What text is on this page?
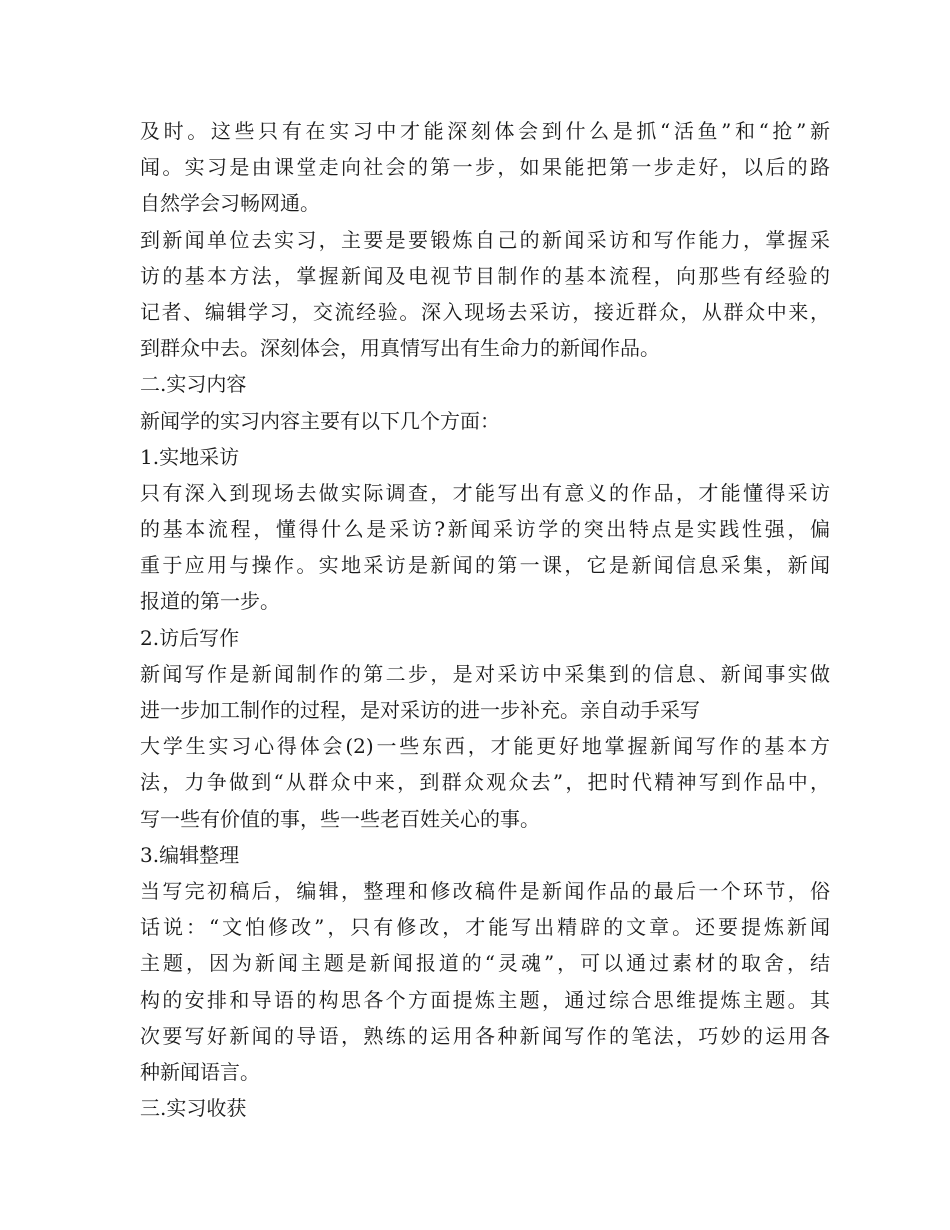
及时。这些只有在实习中才能深刻体会到什么是抓“活鱼”和“抢”新
闻。实习是由课堂走向社会的第一步，如果能把第一步走好，以后的路
自然学会习畅网通。
到新闻单位去实习，主要是要锻炼自己的新闻采访和写作能力，掌握采
访的基本方法，掌握新闻及电视节目制作的基本流程，向那些有经验的
记者、编辑学习，交流经验。深入现场去采访，接近群众，从群众中来，
到群众中去。深刻体会，用真情写出有生命力的新闻作品。
二.实习内容
新闻学的实习内容主要有以下几个方面：
1.实地采访
只有深入到现场去做实际调查，才能写出有意义的作品，才能懂得采访
的基本流程，懂得什么是采访?新闻采访学的突出特点是实践性强，偏
重于应用与操作。实地采访是新闻的第一课，它是新闻信息采集，新闻
报道的第一步。
2.访后写作
新闻写作是新闻制作的第二步，是对采访中采集到的信息、新闻事实做
进一步加工制作的过程，是对采访的进一步补充。亲自动手采写
大学生实习心得体会(2)一些东西，才能更好地掌握新闻写作的基本方
法，力争做到“从群众中来，到群众观众去”，把时代精神写到作品中，
写一些有价值的事，些一些老百姓关心的事。
3.编辑整理
当写完初稿后，编辑，整理和修改稿件是新闻作品的最后一个环节，俗
话说：“文怕修改”，只有修改，才能写出精辟的文章。还要提炼新闻
主题，因为新闻主题是新闻报道的“灵魂”，可以通过素材的取舍，结
构的安排和导语的构思各个方面提炼主题，通过综合思维提炼主题。其
次要写好新闻的导语，熟练的运用各种新闻写作的笔法，巧妙的运用各
种新闻语言。
三.实习收获
